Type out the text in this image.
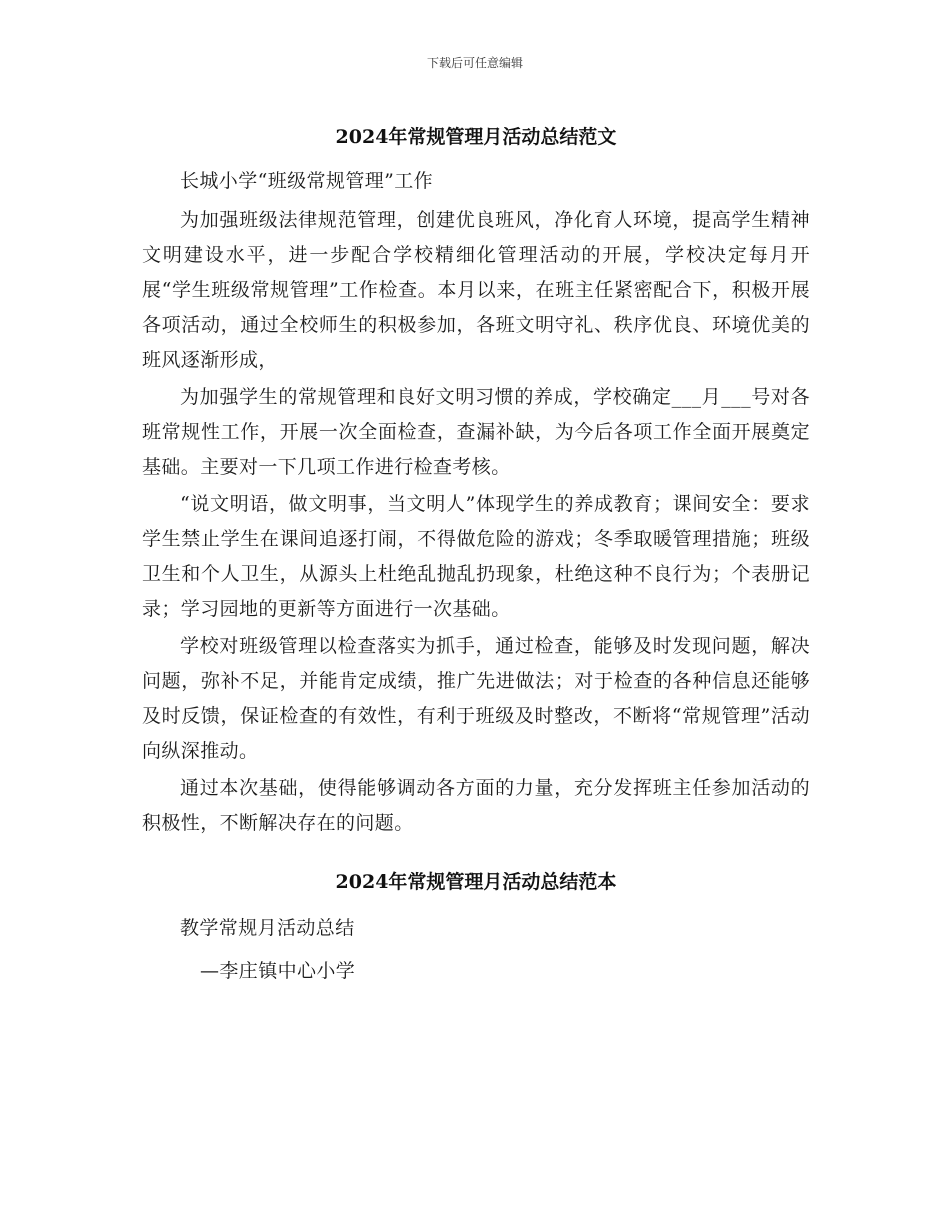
下载后可任意编辑
2024年常规管理月活动总结范文

长城小学“班级常规管理”工作

为加强班级法律规范管理，创建优良班风，净化育人环境，提高学生精神文明建设水平，进一步配合学校精细化管理活动的开展，学校决定每月开展“学生班级常规管理”工作检查。本月以来，在班主任紧密配合下，积极开展各项活动，通过全校师生的积极参加，各班文明守礼、秩序优良、环境优美的班风逐渐形成，

为加强学生的常规管理和良好文明习惯的养成，学校确定___月___号对各班常规性工作，开展一次全面检查，查漏补缺，为今后各项工作全面开展奠定基础。主要对一下几项工作进行检查考核。

“说文明语，做文明事，当文明人”体现学生的养成教育；课间安全：要求学生禁止学生在课间追逐打闹，不得做危险的游戏；冬季取暖管理措施；班级卫生和个人卫生，从源头上杜绝乱抛乱扔现象，杜绝这种不良行为；个表册记录；学习园地的更新等方面进行一次基础。

学校对班级管理以检查落实为抓手，通过检查，能够及时发现问题，解决问题，弥补不足，并能肯定成绩，推广先进做法；对于检查的各种信息还能够及时反馈，保证检查的有效性，有利于班级及时整改，不断将“常规管理”活动向纵深推动。

通过本次基础，使得能够调动各方面的力量，充分发挥班主任参加活动的积极性，不断解决存在的问题。

2024年常规管理月活动总结范本

教学常规月活动总结

—李庄镇中心小学
